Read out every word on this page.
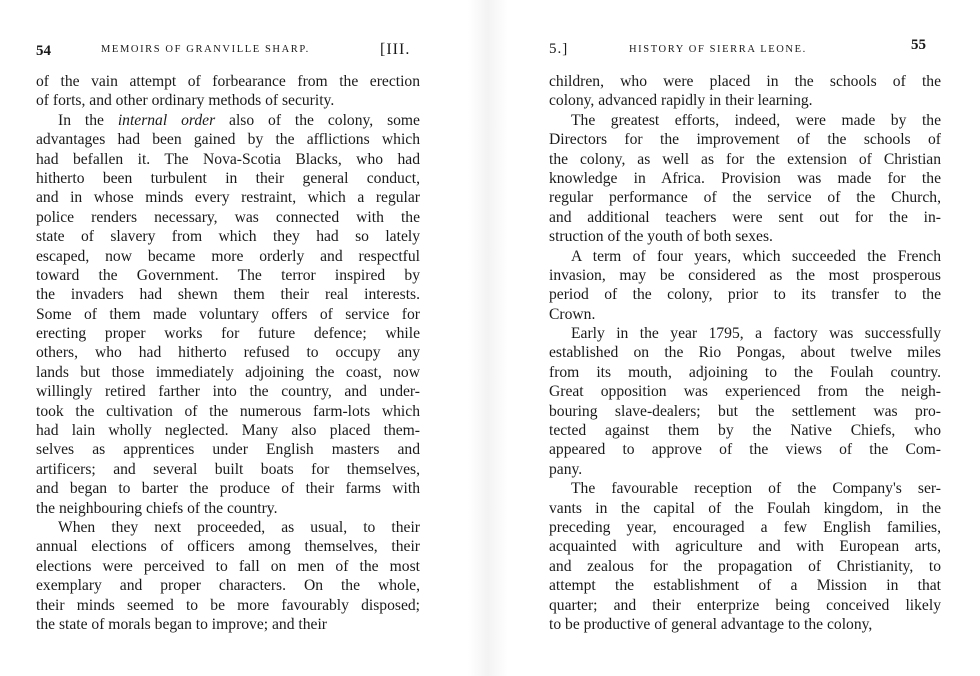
54	MEMOIRS OF GRANVILLE SHARP.	[III.
of the vain attempt of forbearance from the erection
of forts, and other ordinary methods of security.
In the internal order also of the colony, some
advantages had been gained by the afflictions which
had befallen it. The Nova-Scotia Blacks, who had
hitherto been turbulent in their general conduct,
and in whose minds every restraint, which a regular
police renders necessary, was connected with the
state of slavery from which they had so lately
escaped, now became more orderly and respectful
toward the Government. The terror inspired by
the invaders had shewn them their real interests.
Some of them made voluntary offers of service for
erecting proper works for future defence; while
others, who had hitherto refused to occupy any
lands but those immediately adjoining the coast, now
willingly retired farther into the country, and under-
took the cultivation of the numerous farm-lots which
had lain wholly neglected. Many also placed them-
selves as apprentices under English masters and
artificers; and several built boats for themselves,
and began to barter the produce of their farms with
the neighbouring chiefs of the country.
When they next proceeded, as usual, to their
annual elections of officers among themselves, their
elections were perceived to fall on men of the most
exemplary and proper characters. On the whole,
their minds seemed to be more favourably disposed;
the state of morals began to improve; and their
5.]	HISTORY OF SIERRA LEONE.	55
children, who were placed in the schools of the
colony, advanced rapidly in their learning.
The greatest efforts, indeed, were made by the
Directors for the improvement of the schools of
the colony, as well as for the extension of Christian
knowledge in Africa. Provision was made for the
regular performance of the service of the Church,
and additional teachers were sent out for the in-
struction of the youth of both sexes.
A term of four years, which succeeded the French
invasion, may be considered as the most prosperous
period of the colony, prior to its transfer to the
Crown.
Early in the year 1795, a factory was successfully
established on the Rio Pongas, about twelve miles
from its mouth, adjoining to the Foulah country.
Great opposition was experienced from the neigh-
bouring slave-dealers; but the settlement was pro-
tected against them by the Native Chiefs, who
appeared to approve of the views of the Com-
pany.
The favourable reception of the Company's ser-
vants in the capital of the Foulah kingdom, in the
preceding year, encouraged a few English families,
acquainted with agriculture and with European arts,
and zealous for the propagation of Christianity, to
attempt the establishment of a Mission in that
quarter; and their enterprize being conceived likely
to be productive of general advantage to the colony,
